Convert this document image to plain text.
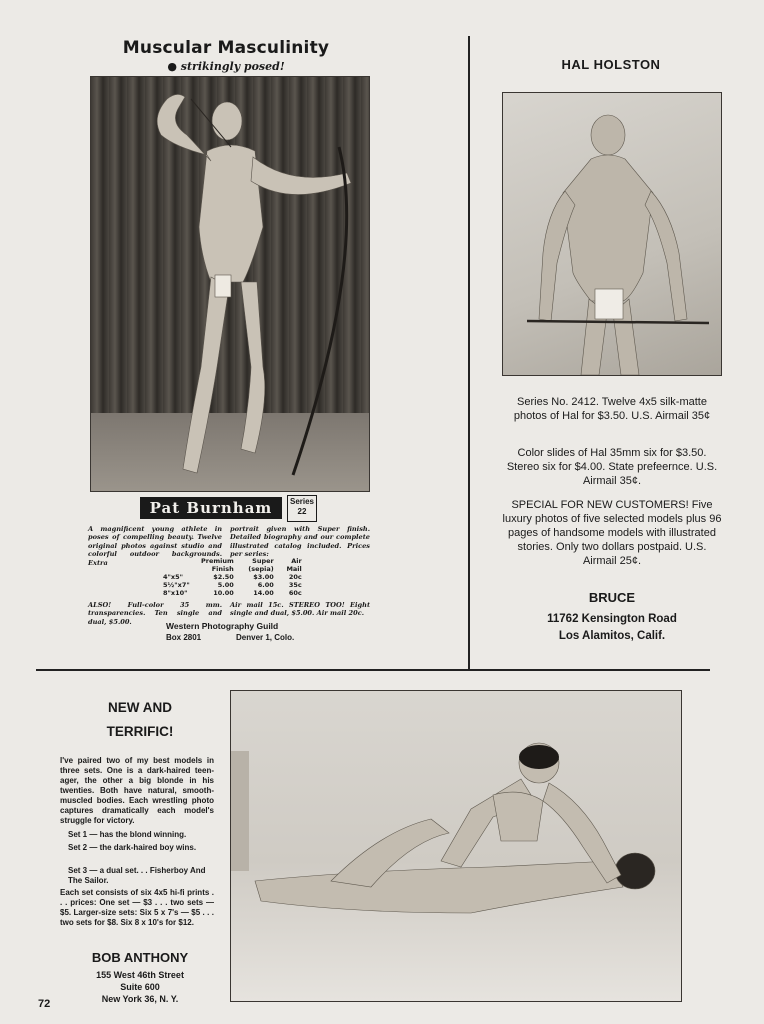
Muscular Masculinity
● strikingly posed!
Pat Burnham	Series
22
A magnificent young athlete in poses of compelling beauty. Twelve original photos against studio and colorful outdoor backgrounds. Extra
portrait given with Super finish. Detailed biography and our complete illustrated catalog included. Prices per series:
	Premium Finish	Super (sepia)	Air Mail
4"x5"	$2.50	$3.00	20c
5½"x7"	5.00	6.00	35c
8"x10"	10.00	14.00	60c
ALSO! Full-color 35 mm. transparencies. Ten single and dual, $5.00.
Air mail 15c. STEREO TOO! Eight single and dual, $5.00. Air mail 20c.
Western Photography Guild
Box 2801	Denver 1, Colo.
HAL HOLSTON
Series No. 2412. Twelve 4x5 silk-matte photos of Hal for $3.50. U.S. Airmail 35¢
Color slides of Hal 35mm six for $3.50. Stereo six for $4.00. State prefeernce. U.S. Airmail 35¢.
SPECIAL FOR NEW CUSTOMERS! Five luxury photos of five selected models plus 96 pages of handsome models with illustrated stories. Only two dollars postpaid. U.S. Airmail 25¢.
BRUCE
11762 Kensington Road
Los Alamitos, Calif.
NEW AND
TERRIFIC!
I've paired two of my best models in three sets. One is a dark-haired teen-ager, the other a big blonde in his twenties. Both have natural, smooth-muscled bodies. Each wrestling photo captures dramatically each model's struggle for victory.
Set 1 — has the blond winning.
Set 2 — the dark-haired boy wins.
Set 3 — a dual set. . . Fisherboy And The Sailor.
Each set consists of six 4x5 hi-fi prints . . . prices: One set — $3 . . . two sets — $5. Larger-size sets: Six 5 x 7's — $5 . . . two sets for $8. Six 8 x 10's for $12.
BOB ANTHONY
155 West 46th Street
Suite 600
New York 36, N. Y.
72
